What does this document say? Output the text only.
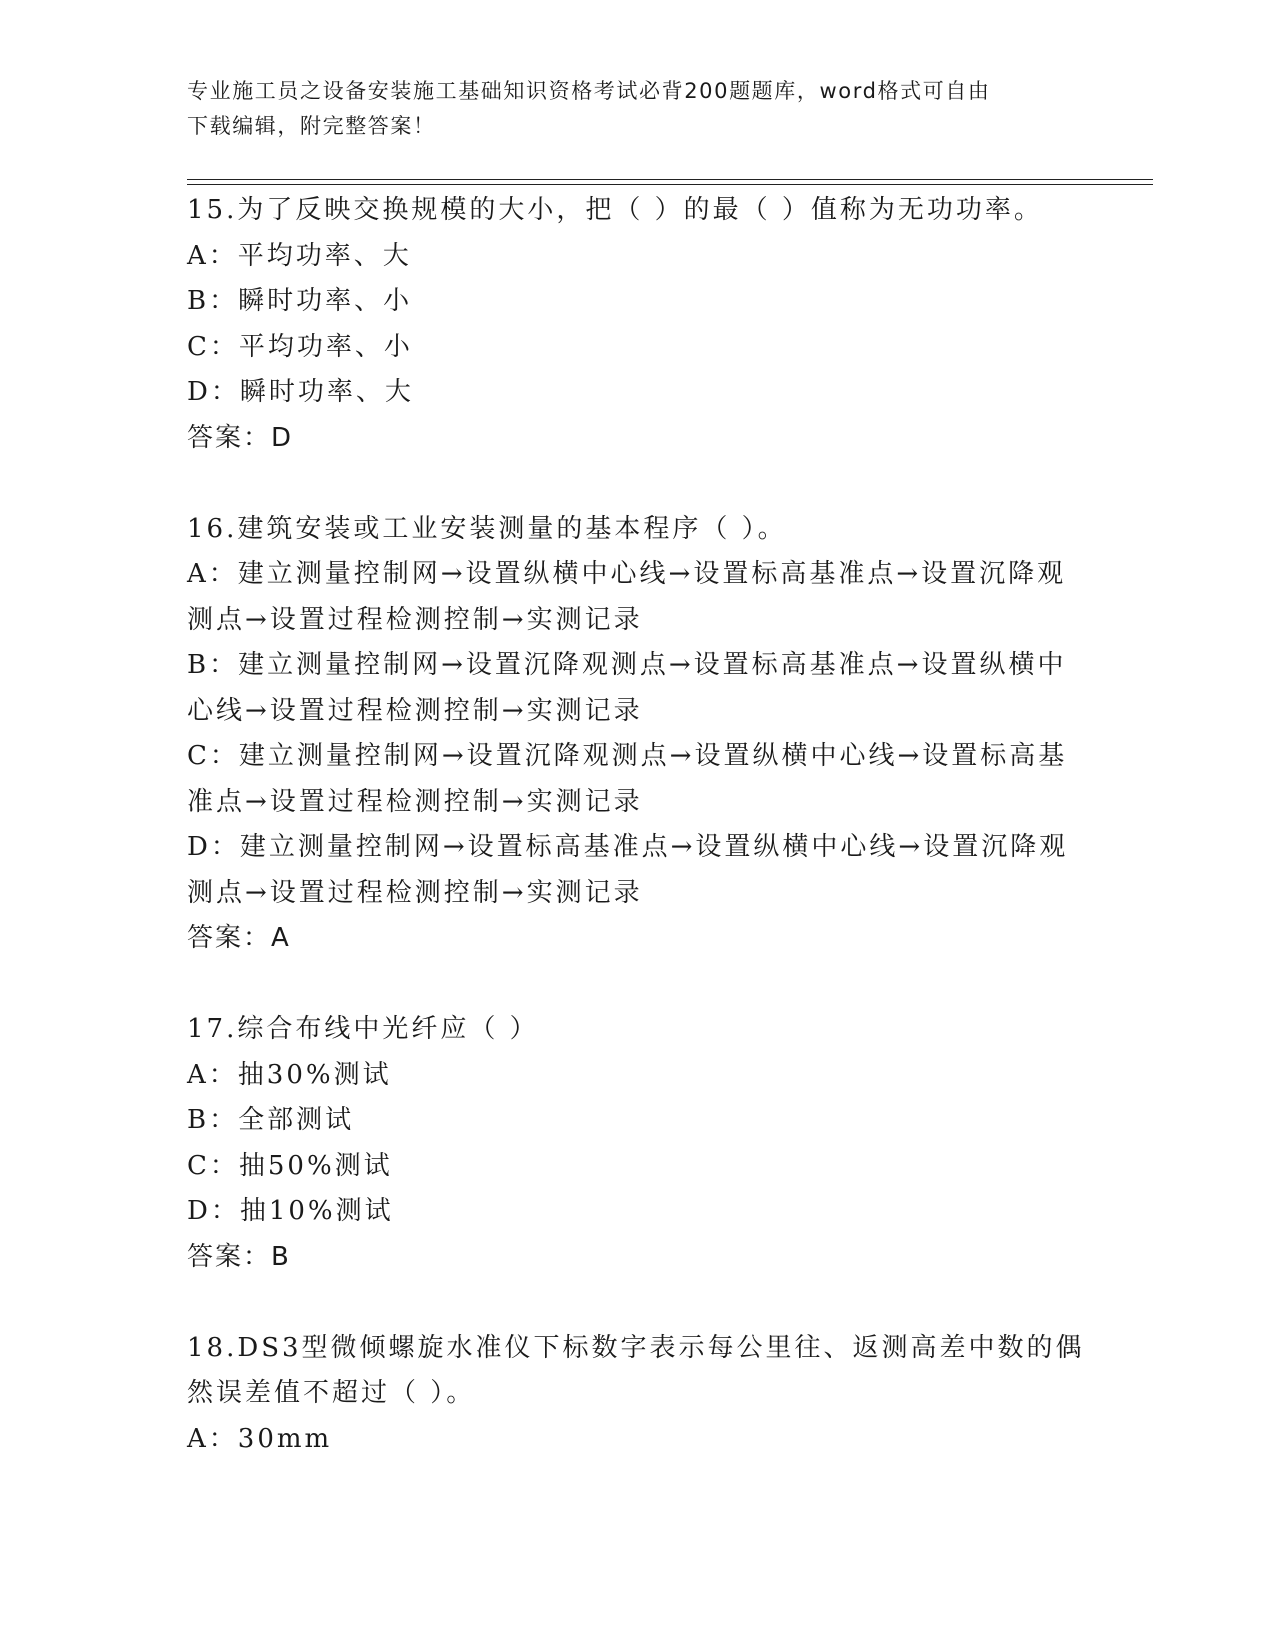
专业施工员之设备安装施工基础知识资格考试必背200题题库，word格式可自由
下载编辑，附完整答案！
15.为了反映交换规模的大小，把（ ）的最（ ）值称为无功功率。
A：平均功率、大
B：瞬时功率、小
C：平均功率、小
D：瞬时功率、大
答案：D
16.建筑安装或工业安装测量的基本程序（ ）。
A：建立测量控制网→设置纵横中心线→设置标高基准点→设置沉降观
测点→设置过程检测控制→实测记录
B：建立测量控制网→设置沉降观测点→设置标高基准点→设置纵横中
心线→设置过程检测控制→实测记录
C：建立测量控制网→设置沉降观测点→设置纵横中心线→设置标高基
准点→设置过程检测控制→实测记录
D：建立测量控制网→设置标高基准点→设置纵横中心线→设置沉降观
测点→设置过程检测控制→实测记录
答案：A
17.综合布线中光纤应（ ）
A：抽30%测试
B：全部测试
C：抽50%测试
D：抽10%测试
答案：B
18.DS3型微倾螺旋水准仪下标数字表示每公里往、返测高差中数的偶
然误差值不超过（ ）。
A：30mm
